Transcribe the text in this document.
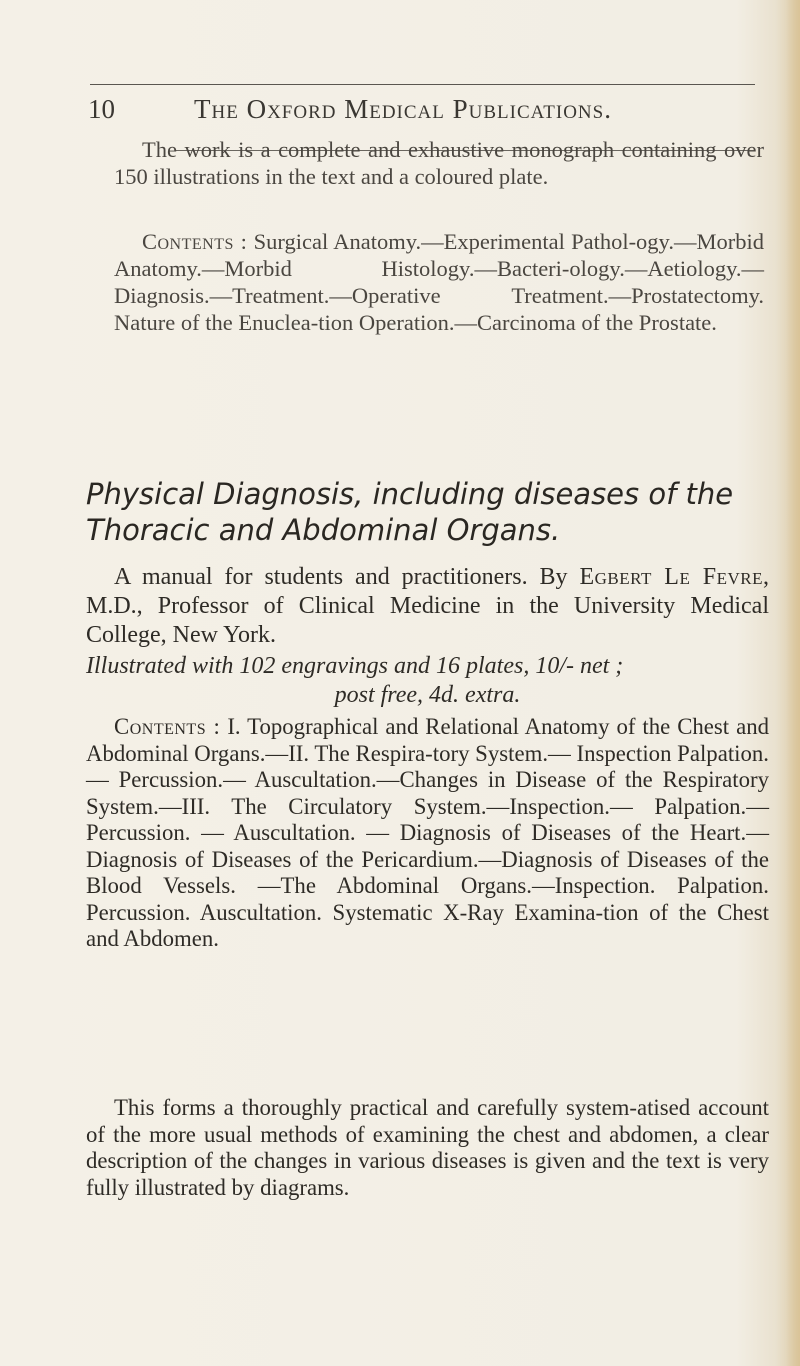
10	The Oxford Medical Publications.

The work is a complete and exhaustive monograph containing over 150 illustrations in the text and a coloured plate.

Contents : Surgical Anatomy.—Experimental Pathol-ogy.—Morbid Anatomy.—Morbid Histology.—Bacteri-ology.—Aetiology.—Diagnosis.—Treatment.—Operative Treatment.—Prostatectomy. Nature of the Enuclea-tion Operation.—Carcinoma of the Prostate.

Physical Diagnosis, including diseases of the
Thoracic and Abdominal Organs.

A manual for students and practitioners. By Egbert Le Fevre, M.D., Professor of Clinical Medicine in the University Medical College, New York.

Illustrated with 102 engravings and 16 plates, 10/- net ;
post free, 4d. extra.

Contents : I. Topographical and Relational Anatomy of the Chest and Abdominal Organs.—II. The Respira-tory System.— Inspection Palpation. — Percussion.— Auscultation.—Changes in Disease of the Respiratory System.—III. The Circulatory System.—Inspection.— Palpation.— Percussion. — Auscultation. — Diagnosis of Diseases of the Heart.—Diagnosis of Diseases of the Pericardium.—Diagnosis of Diseases of the Blood Vessels. —The Abdominal Organs.—Inspection. Palpation. Percussion. Auscultation. Systematic X-Ray Examina-tion of the Chest and Abdomen.

This forms a thoroughly practical and carefully system-atised account of the more usual methods of examining the chest and abdomen, a clear description of the changes in various diseases is given and the text is very fully illustrated by diagrams.
